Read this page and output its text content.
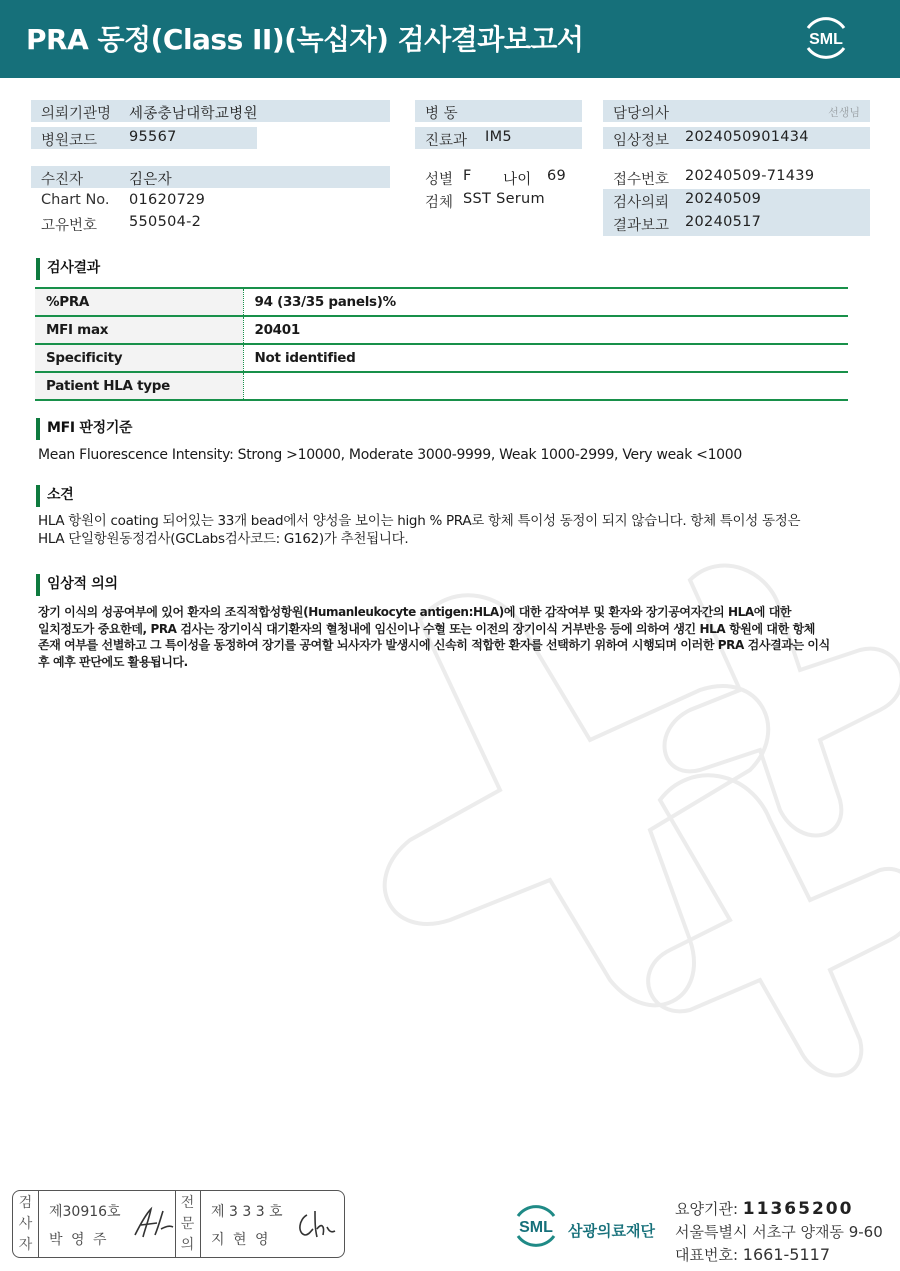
PRA 동정(Class II)(녹십자) 검사결과보고서	SML
의뢰기관명 세종충남대학교병원	병 동	담당의사	선생님
병원코드 95567	진료과 IM5	임상정보 2024050901434
수진자	김은자
Chart No. 01620729
고유번호 550504-2
성별 F 나이 69
검체 SST Serum
접수번호 20240509-71439
검사의뢰 20240509
결과보고 20240517
검사결과
%PRA	94 (33/35 panels)%
MFI max	20401
Specificity	Not identified
Patient HLA type	
MFI 판정기준
Mean Fluorescence Intensity: Strong >10000, Moderate 3000-9999, Weak 1000-2999, Very weak <1000
소견
HLA 항원이 coating 되어있는 33개 bead에서 양성을 보이는 high % PRA로 항체 특이성 동정이 되지 않습니다. 항체 특이성 동정은
HLA 단일항원동정검사(GCLabs검사코드: G162)가 추천됩니다.
임상적 의의
장기 이식의 성공여부에 있어 환자의 조직적합성항원(Humanleukocyte antigen:HLA)에 대한 감작여부 및 환자와 장기공여자간의 HLA에 대한
일치정도가 중요한데, PRA 검사는 장기이식 대기환자의 혈청내에 임신이나 수혈 또는 이전의 장기이식 거부반응 등에 의하여 생긴 HLA 항원에 대한 항체
존재 여부를 선별하고 그 특이성을 동정하여 장기를 공여할 뇌사자가 발생시에 신속히 적합한 환자를 선택하기 위하여 시행되며 이러한 PRA 검사결과는 이식
후 예후 판단에도 활용됩니다.
검사자
제30916호
박 영 주
전문의
제 3 3 3 호
지 현 영
SML 삼광의료재단
요양기관: 11365200
서울특별시 서초구 양재동 9-60
대표번호: 1661-5117
